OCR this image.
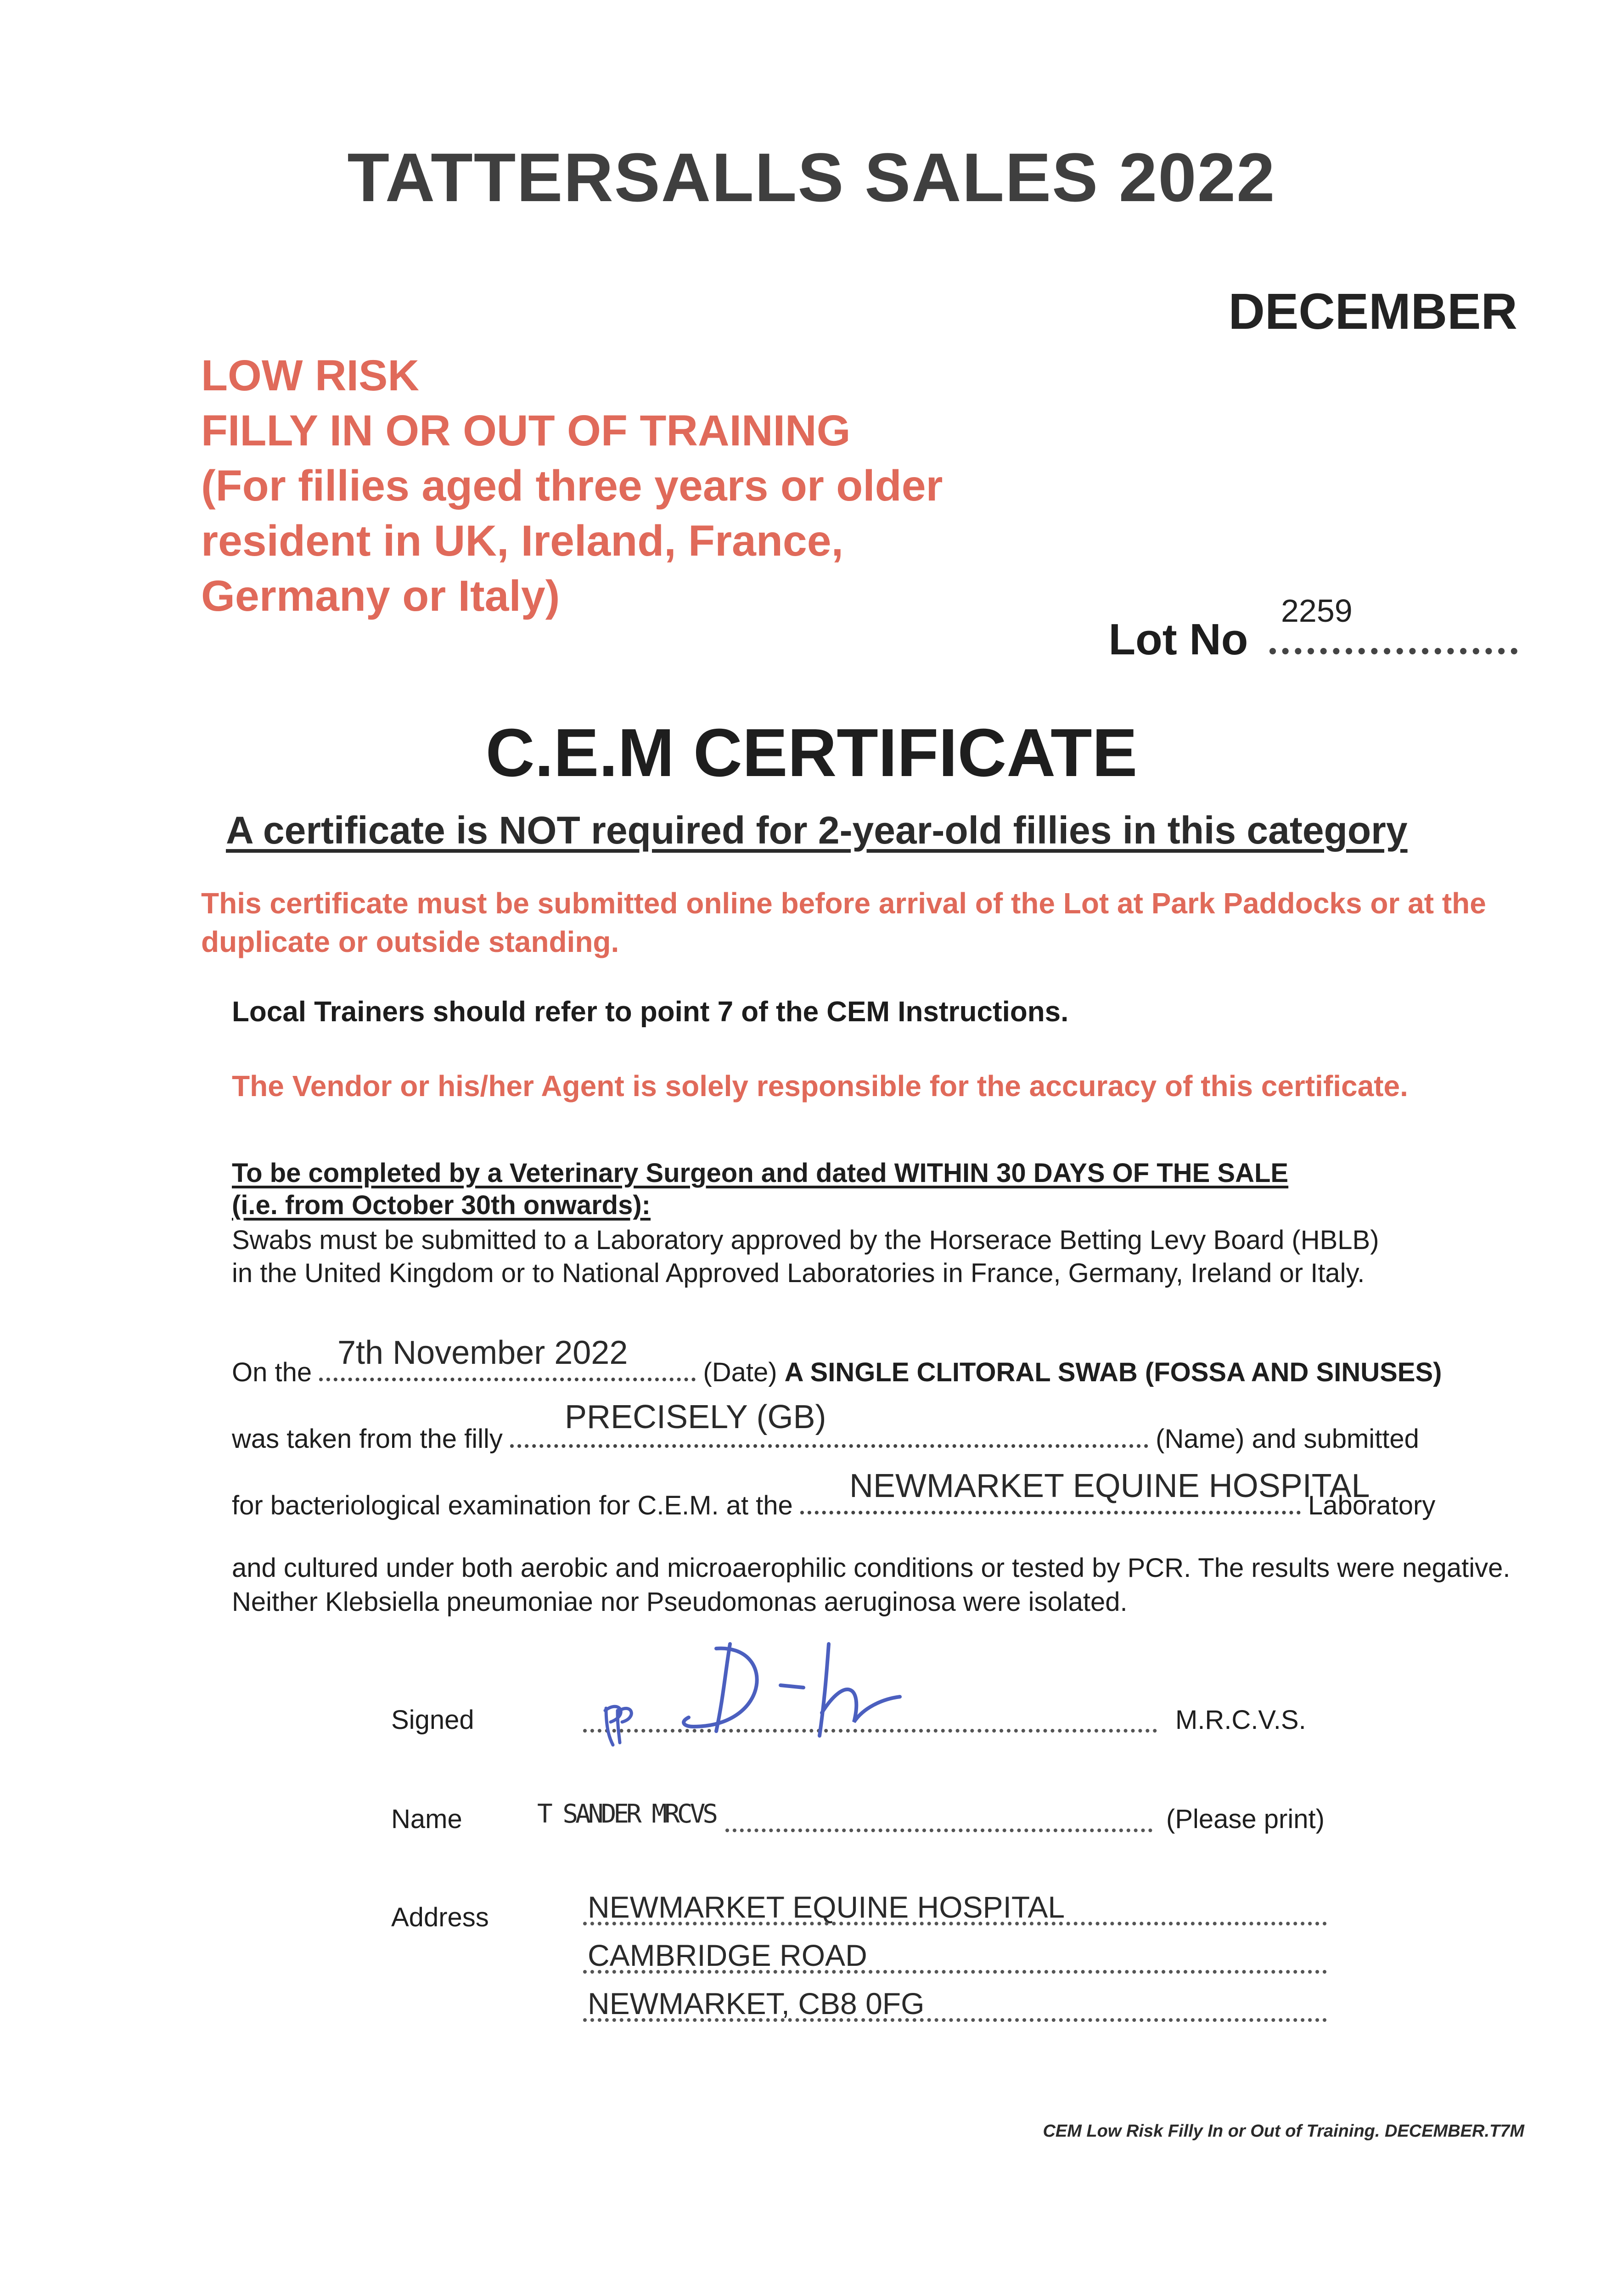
TATTERSALLS SALES 2022
DECEMBER
LOW RISK
FILLY IN OR OUT OF TRAINING
(For fillies aged three years or older
resident in UK, Ireland, France,
Germany or Italy)	2259
Lot No
C.E.M CERTIFICATE
A certificate is NOT required for 2-year-old fillies in this category
This certificate must be submitted online before arrival of the Lot at Park Paddocks or at the duplicate or outside standing.
Local Trainers should refer to point 7 of the CEM Instructions.
The Vendor or his/her Agent is solely responsible for the accuracy of this certificate.
To be completed by a Veterinary Surgeon and dated WITHIN 30 DAYS OF THE SALE
(i.e. from October 30th onwards):
Swabs must be submitted to a Laboratory approved by the Horserace Betting Levy Board (HBLB)
in the United Kingdom or to National Approved Laboratories in France, Germany, Ireland or Italy.
7th November 2022
On the	(Date) A SINGLE CLITORAL SWAB (FOSSA AND SINUSES)
PRECISELY (GB)
was taken from the filly	(Name) and submitted
NEWMARKET EQUINE HOSPITAL
for bacteriological examination for C.E.M. at the	Laboratory
and cultured under both aerobic and microaerophilic conditions or tested by PCR. The results were negative. Neither Klebsiella pneumoniae nor Pseudomonas aeruginosa were isolated.
Signed	M.R.C.V.S.
Name	T SANDER MRCVS	(Please print)
Address	NEWMARKET EQUINE HOSPITAL
CAMBRIDGE ROAD
NEWMARKET, CB8 0FG
CEM Low Risk Filly In or Out of Training. DECEMBER.T7M
